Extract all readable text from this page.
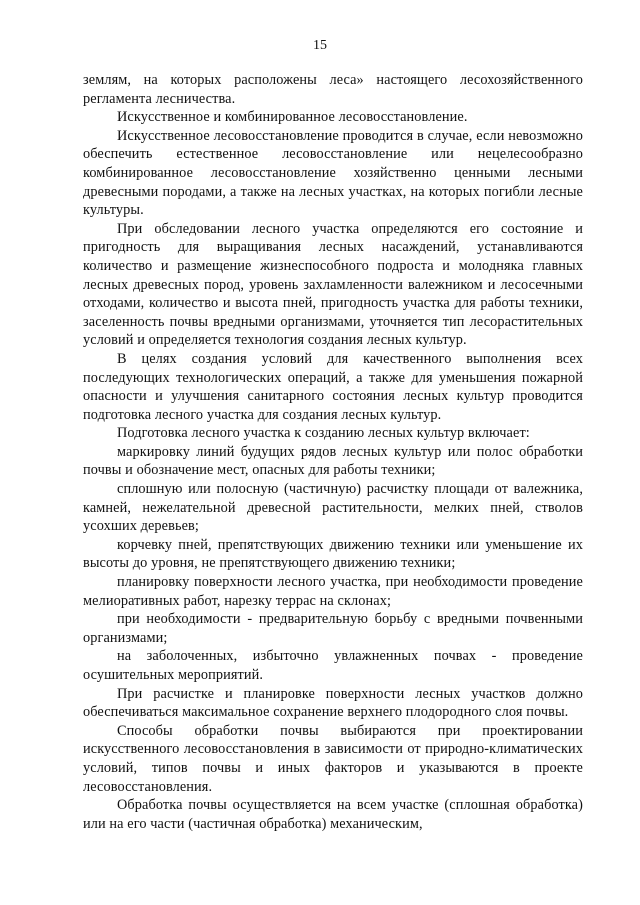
15

землям, на которых расположены леса» настоящего лесохозяйственного регламента лесничества.

Искусственное и комбинированное лесовосстановление.

Искусственное лесовосстановление проводится в случае, если невозможно обеспечить естественное лесовосстановление или нецелесообразно комбинированное лесовосстановление хозяйственно ценными лесными древесными породами, а также на лесных участках, на которых погибли лесные культуры.

При обследовании лесного участка определяются его состояние и пригодность для выращивания лесных насаждений, устанавливаются количество и размещение жизнеспособного подроста и молодняка главных лесных древесных пород, уровень захламленности валежником и лесосечными отходами, количество и высота пней, пригодность участка для работы техники, заселенность почвы вредными организмами, уточняется тип лесорастительных условий и определяется технология создания лесных культур.

В целях создания условий для качественного выполнения всех последующих технологических операций, а также для уменьшения пожарной опасности и улучшения санитарного состояния лесных культур проводится подготовка лесного участка для создания лесных культур.

Подготовка лесного участка к созданию лесных культур включает:

маркировку линий будущих рядов лесных культур или полос обработки почвы и обозначение мест, опасных для работы техники;

сплошную или полосную (частичную) расчистку площади от валежника, камней, нежелательной древесной растительности, мелких пней, стволов усохших деревьев;

корчевку пней, препятствующих движению техники или уменьшение их высоты до уровня, не препятствующего движению техники;

планировку поверхности лесного участка, при необходимости проведение мелиоративных работ, нарезку террас на склонах;

при необходимости - предварительную борьбу с вредными почвенными организмами;

на заболоченных, избыточно увлажненных почвах - проведение осушительных мероприятий.

При расчистке и планировке поверхности лесных участков должно обеспечиваться максимальное сохранение верхнего плодородного слоя почвы.

Способы обработки почвы выбираются при проектировании искусственного лесовосстановления в зависимости от природно-климатических условий, типов почвы и иных факторов и указываются в проекте лесовосстановления.

Обработка почвы осуществляется на всем участке (сплошная обработка) или на его части (частичная обработка) механическим,
